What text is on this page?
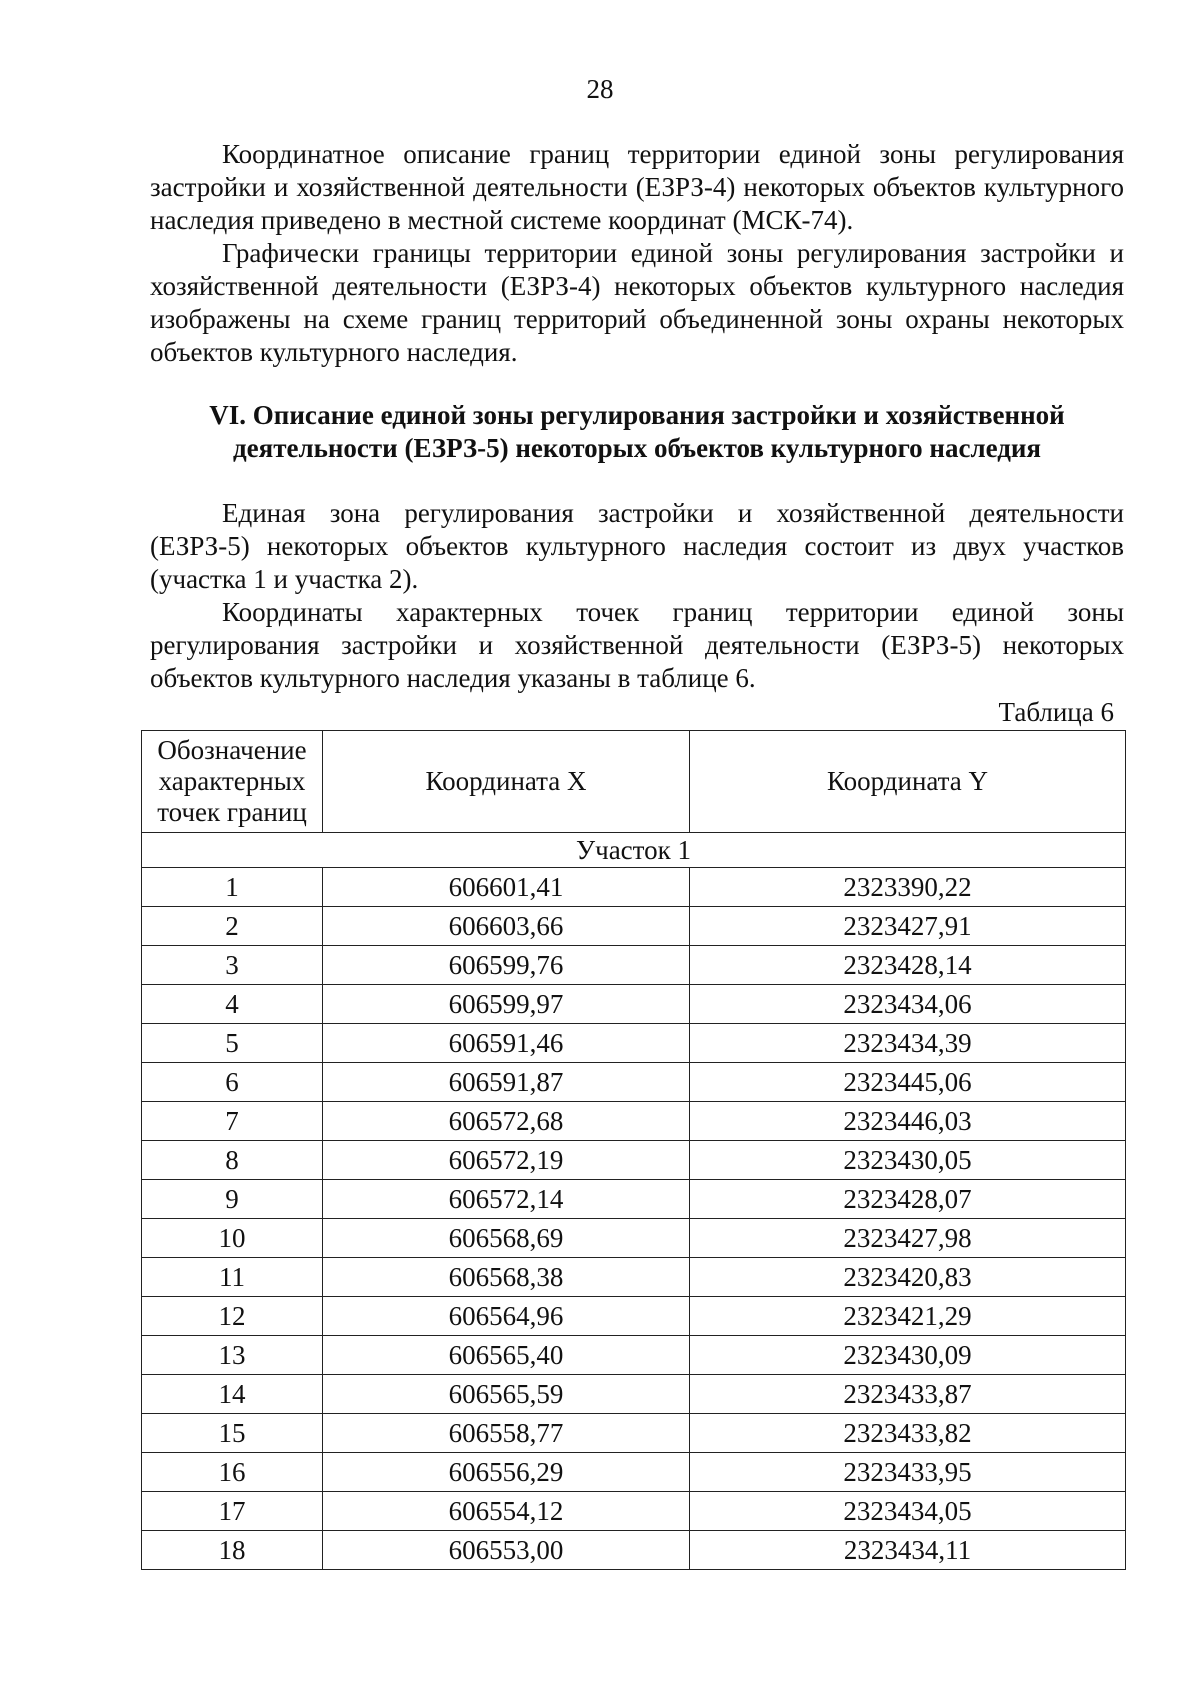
28

Координатное описание границ территории единой зоны регулирования застройки и хозяйственной деятельности (ЕЗРЗ-4) некоторых объектов культурного наследия приведено в местной системе координат (МСК-74).

Графически границы территории единой зоны регулирования застройки и хозяйственной деятельности (ЕЗРЗ-4) некоторых объектов культурного наследия изображены на схеме границ территорий объединенной зоны охраны некоторых объектов культурного наследия.

VI. Описание единой зоны регулирования застройки и хозяйственной
деятельности (ЕЗРЗ-5) некоторых объектов культурного наследия

Единая зона регулирования застройки и хозяйственной деятельности (ЕЗРЗ-5) некоторых объектов культурного наследия состоит из двух участков (участка 1 и участка 2).

Координаты характерных точек границ территории единой зоны регулирования застройки и хозяйственной деятельности (ЕЗРЗ-5) некоторых объектов культурного наследия указаны в таблице 6.

Таблица 6
Обозначение характерных точек границ	Координата X	Координата Y
Участок 1		
1	606601,41	2323390,22
2	606603,66	2323427,91
3	606599,76	2323428,14
4	606599,97	2323434,06
5	606591,46	2323434,39
6	606591,87	2323445,06
7	606572,68	2323446,03
8	606572,19	2323430,05
9	606572,14	2323428,07
10	606568,69	2323427,98
11	606568,38	2323420,83
12	606564,96	2323421,29
13	606565,40	2323430,09
14	606565,59	2323433,87
15	606558,77	2323433,82
16	606556,29	2323433,95
17	606554,12	2323434,05
18	606553,00	2323434,11
